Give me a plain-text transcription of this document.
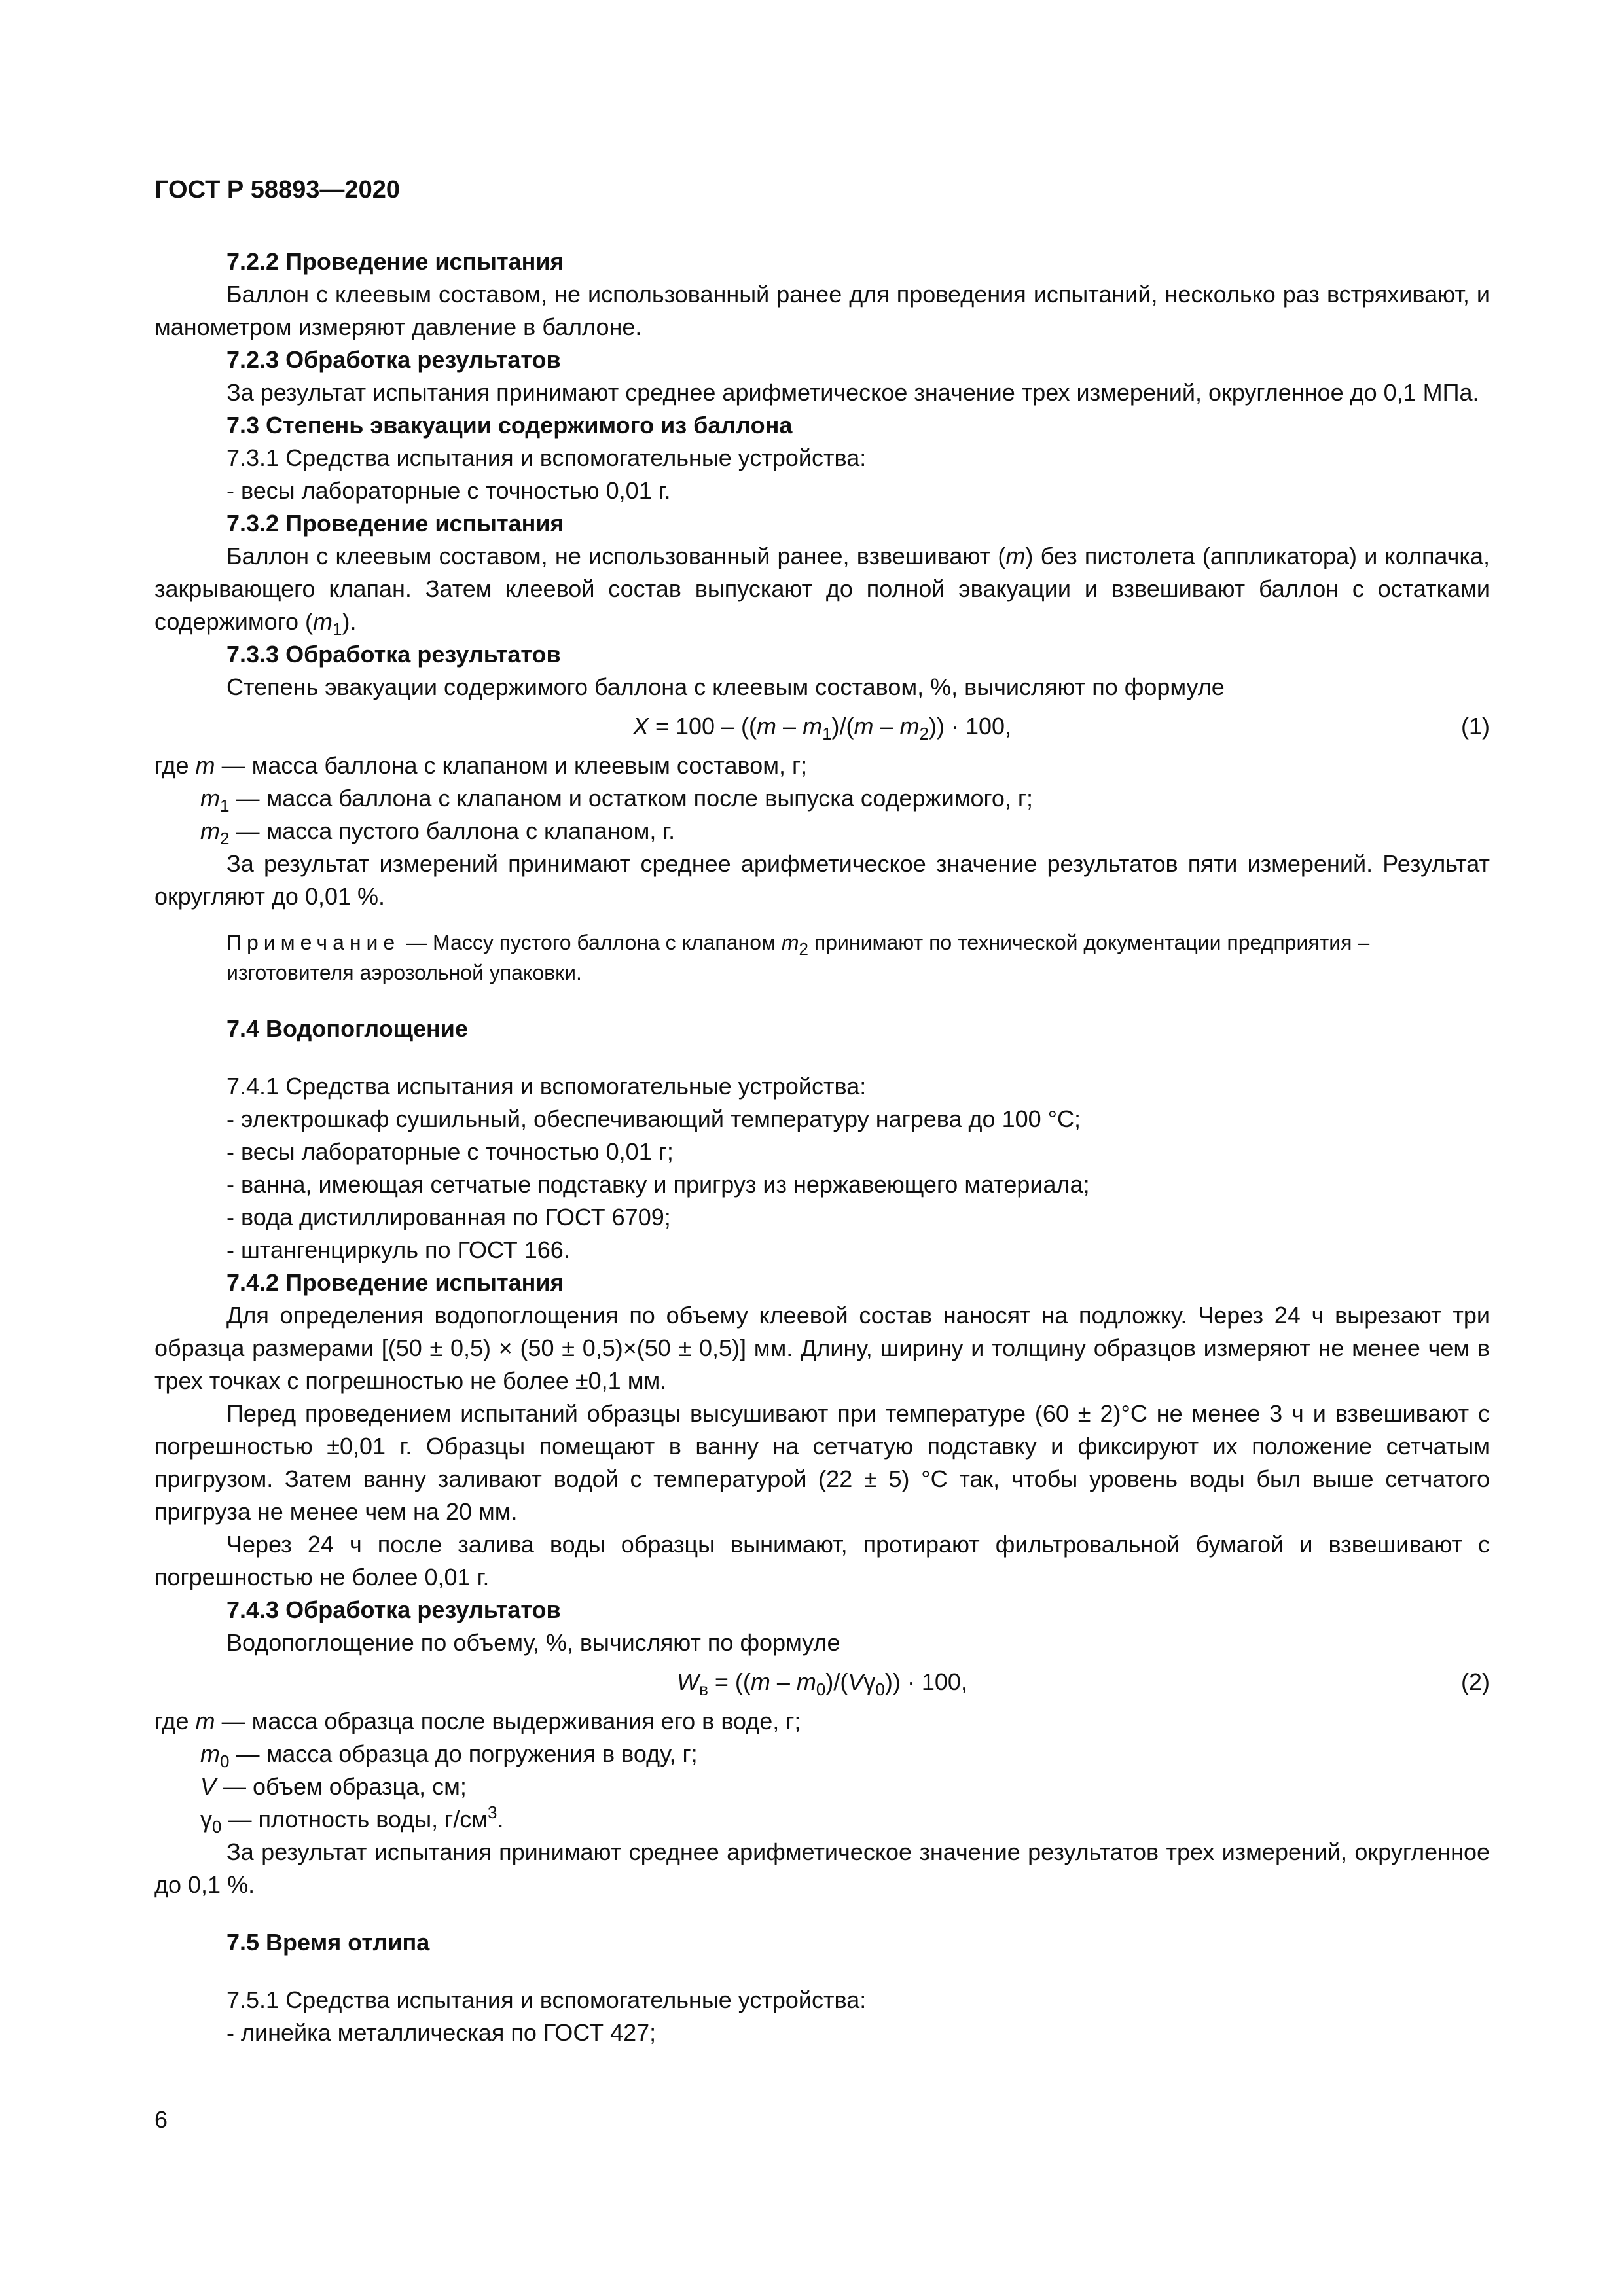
ГОСТ Р 58893—2020
7.2.2 Проведение испытания
Баллон с клеевым составом, не использованный ранее для проведения испытаний, несколько раз встряхивают, и манометром измеряют давление в баллоне.
7.2.3 Обработка результатов
За результат испытания принимают среднее арифметическое значение трех измерений, округленное до 0,1 МПа.
7.3 Степень эвакуации содержимого из баллона
7.3.1 Средства испытания и вспомогательные устройства:
- весы лабораторные с точностью 0,01 г.
7.3.2 Проведение испытания
Баллон с клеевым составом, не использованный ранее, взвешивают (m) без пистолета (аппликатора) и колпачка, закрывающего клапан. Затем клеевой состав выпускают до полной эвакуации и взвешивают баллон с остатками содержимого $(m_1)$.
7.3.3 Обработка результатов
Степень эвакуации содержимого баллона с клеевым составом, %, вычисляют по формуле
$X = 100 - ((m - m_1)/(m - m_2)) \cdot 100$,	(1)
где m — масса баллона с клапаном и клеевым составом, г;
$m_1$ — масса баллона с клапаном и остатком после выпуска содержимого, г;
$m_2$ — масса пустого баллона с клапаном, г.
За результат измерений принимают среднее арифметическое значение результатов пяти измерений. Результат округляют до 0,01 %.
Примечание — Массу пустого баллона с клапаном $m_2$ принимают по технической документации предприятия – изготовителя аэрозольной упаковки.
7.4 Водопоглощение
7.4.1 Средства испытания и вспомогательные устройства:
- электрошкаф сушильный, обеспечивающий температуру нагрева до 100 °С;
- весы лабораторные с точностью 0,01 г;
- ванна, имеющая сетчатые подставку и пригруз из нержавеющего материала;
- вода дистиллированная по ГОСТ 6709;
- штангенциркуль по ГОСТ 166.
7.4.2 Проведение испытания
Для определения водопоглощения по объему клеевой состав наносят на подложку. Через 24 ч вырезают три образца размерами [(50 ± 0,5) × (50 ± 0,5)×(50 ± 0,5)] мм. Длину, ширину и толщину образцов измеряют не менее чем в трех точках с погрешностью не более ±0,1 мм.
Перед проведением испытаний образцы высушивают при температуре (60 ± 2)°С не менее 3 ч и взвешивают с погрешностью ±0,01 г. Образцы помещают в ванну на сетчатую подставку и фиксируют их положение сетчатым пригрузом. Затем ванну заливают водой с температурой (22 ± 5) °С так, чтобы уровень воды был выше сетчатого пригруза не менее чем на 20 мм.
Через 24 ч после залива воды образцы вынимают, протирают фильтровальной бумагой и взвешивают с погрешностью не более 0,01 г.
7.4.3 Обработка результатов
Водопоглощение по объему, %, вычисляют по формуле
$W_в = ((m - m_0)/(V\gamma_0)) \cdot 100$,	(2)
где m — масса образца после выдерживания его в воде, г;
$m_0$ — масса образца до погружения в воду, г;
V — объем образца, см;
$\gamma_0$ — плотность воды, $г/см^3$.
За результат испытания принимают среднее арифметическое значение результатов трех измерений, округленное до 0,1 %.
7.5 Время отлипа
7.5.1 Средства испытания и вспомогательные устройства:
- линейка металлическая по ГОСТ 427;
6
